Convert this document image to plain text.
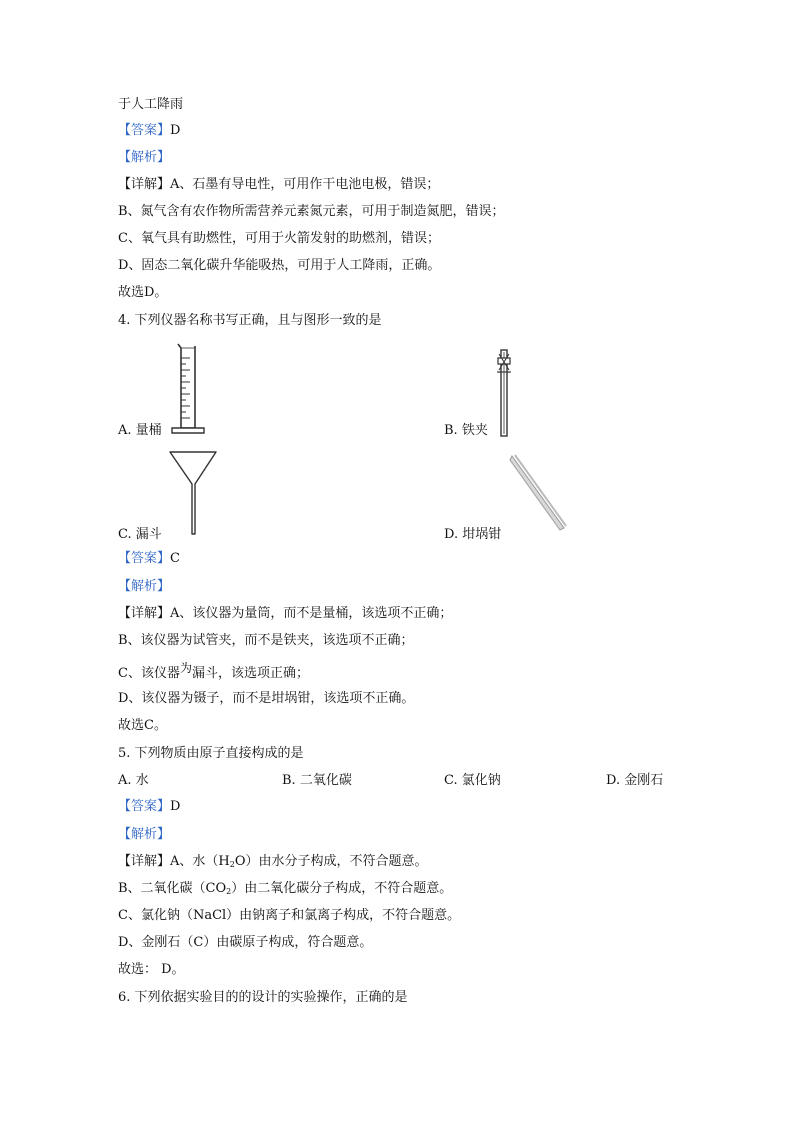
于人工降雨
【答案】D
【解析】
【详解】A、石墨有导电性，可用作干电池电极，错误；
B、氮气含有农作物所需营养元素氮元素，可用于制造氮肥，错误；
C、氧气具有助燃性，可用于火箭发射的助燃剂，错误；
D、固态二氧化碳升华能吸热，可用于人工降雨，正确。
故选D。
4. 下列仪器名称书写正确，且与图形一致的是
A. 量桶	B. 铁夹
C. 漏斗	D. 坩埚钳
【答案】C
【解析】
【详解】A、该仪器为量筒，而不是量桶，该选项不正确；
B、该仪器为试管夹，而不是铁夹，该选项不正确；
C、该仪器为漏斗，该选项正确；
D、该仪器为镊子，而不是坩埚钳，该选项不正确。
故选C。
5. 下列物质由原子直接构成的是
A. 水	B. 二氧化碳	C. 氯化钠	D. 金刚石
【答案】D
【解析】
【详解】A、水$(H_2O)$由水分子构成，不符合题意。
B、二氧化碳$(CO_2)$由二氧化碳分子构成，不符合题意。
C、氯化钠（NaCl）由钠离子和氯离子构成，不符合题意。
D、金刚石（C）由碳原子构成，符合题意。
故选： D。
6. 下列依据实验目的的设计的实验操作，正确的是
